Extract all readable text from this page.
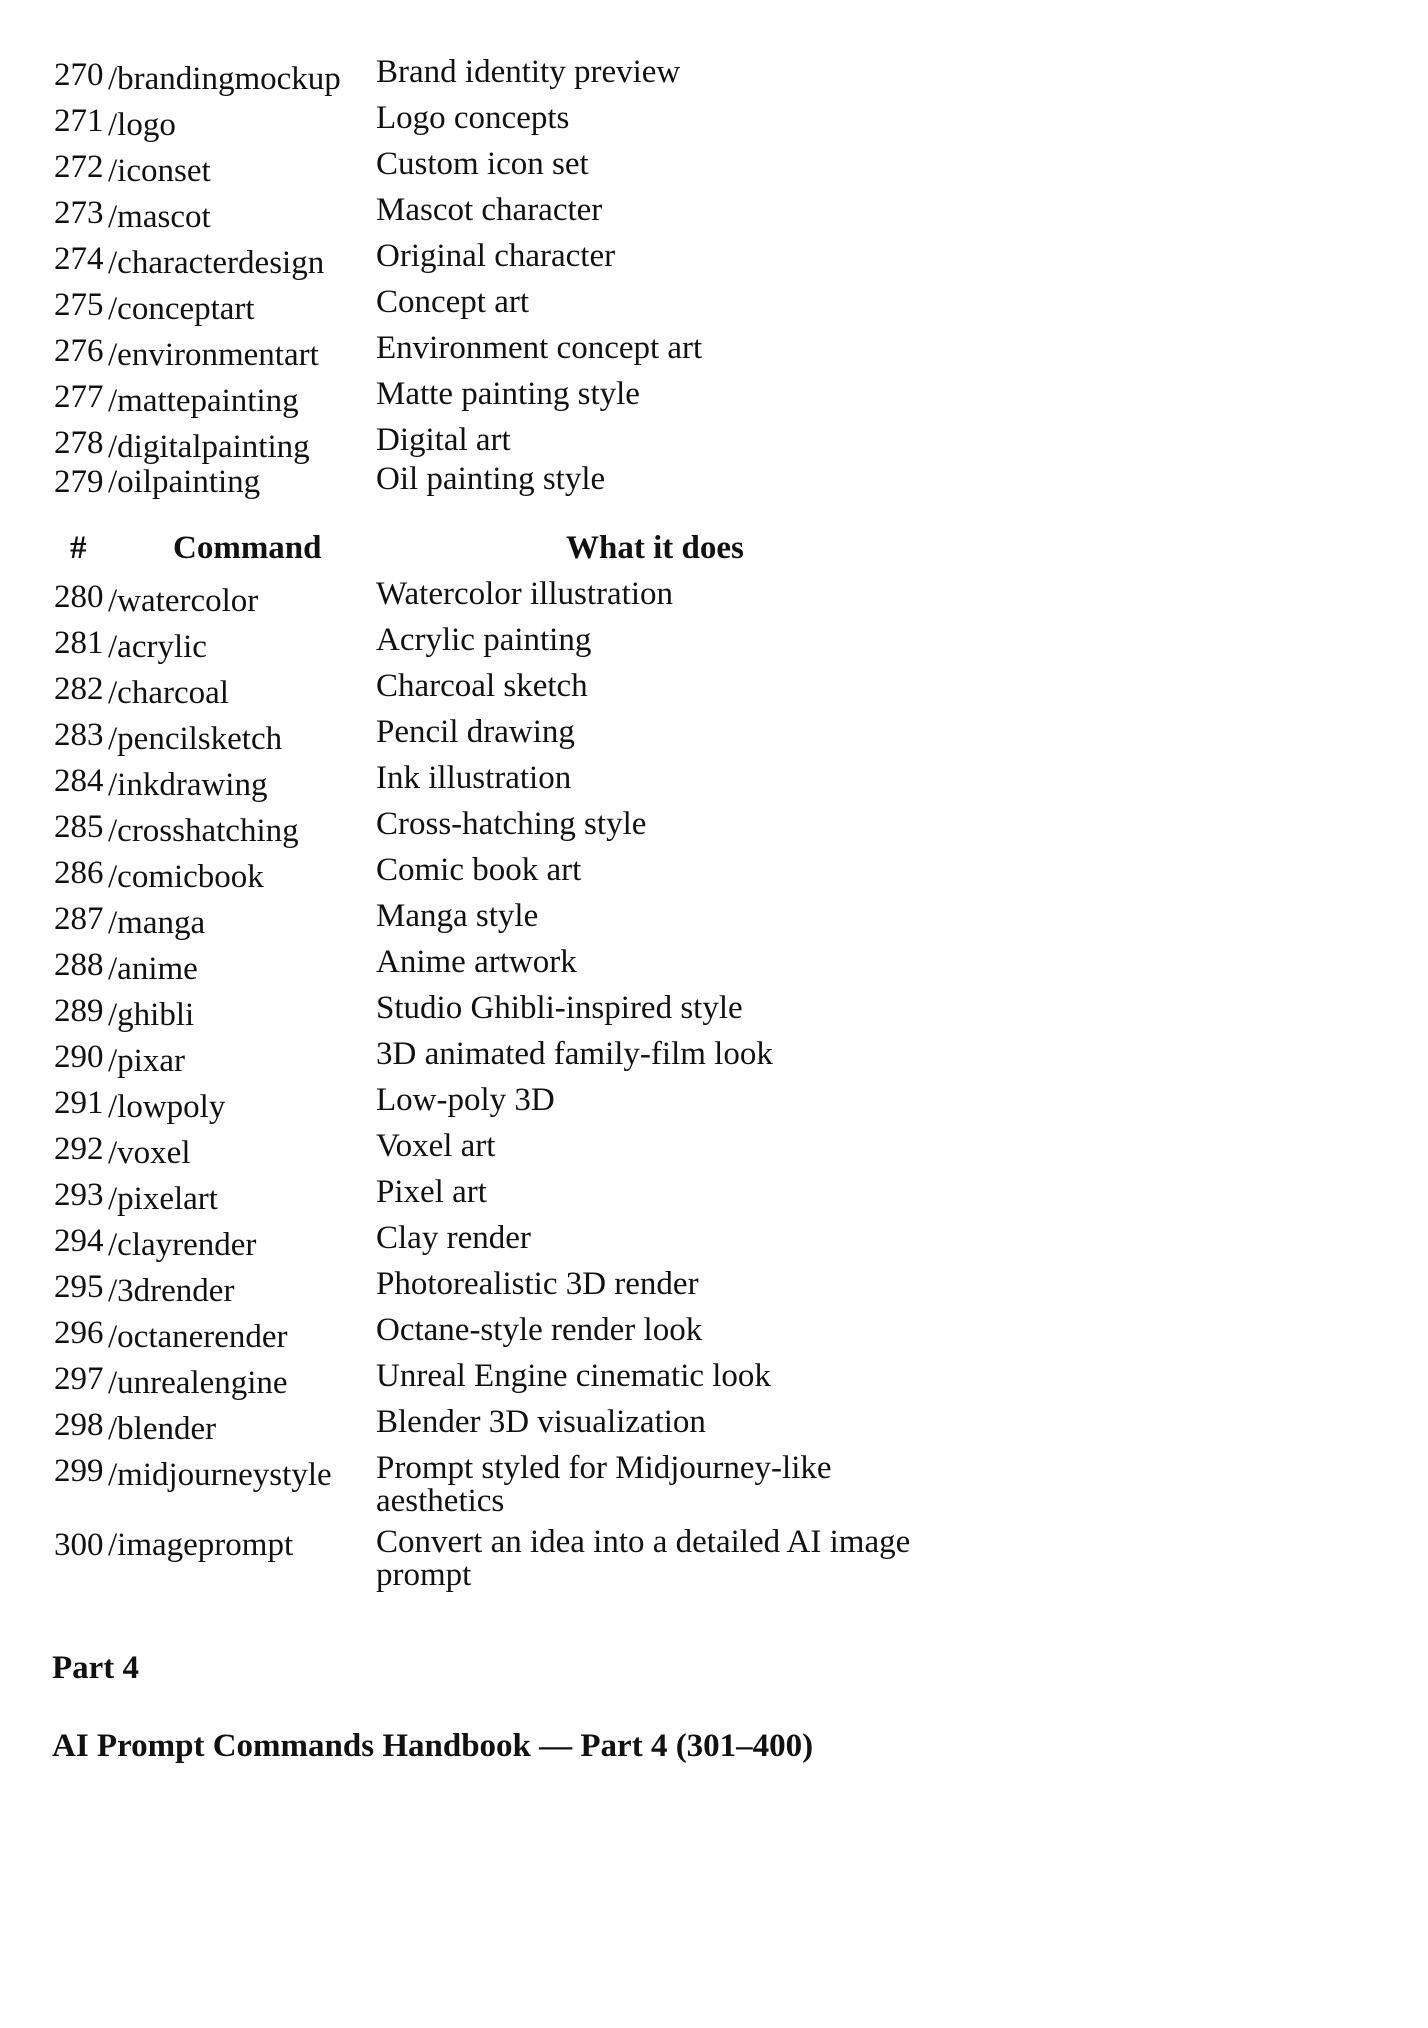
270 /brandingmockup Brand identity preview
271 /logo	Logo concepts
272 /iconset	Custom icon set
273 /mascot	Mascot character
274 /characterdesign Original character
275 /conceptart	Concept art
276 /environmentart Environment concept art
277 /mattepainting Matte painting style
278 /digitalpainting Digital art
279 /oilpainting	Oil painting style
#	Command	What it does
280 /watercolor	Watercolor illustration
281 /acrylic	Acrylic painting
282 /charcoal	Charcoal sketch
283 /pencilsketch	Pencil drawing
284 /inkdrawing	Ink illustration
285 /crosshatching Cross-hatching style
286 /comicbook	Comic book art
287 /manga	Manga style
288 /anime	Anime artwork
289 /ghibli	Studio Ghibli-inspired style
290 /pixar	3D animated family-film look
291 /lowpoly	Low-poly 3D
292 /voxel	Voxel art
293 /pixelart	Pixel art
294 /clayrender	Clay render
295 /3drender	Photorealistic 3D render
296 /octanerender	Octane-style render look
297 /unrealengine	Unreal Engine cinematic look
298 /blender	Blender 3D visualization
299 /midjourneystyle Prompt styled for Midjourney-like aesthetics
300 /imageprompt	Convert an idea into a detailed AI image prompt
Part 4
AI Prompt Commands Handbook — Part 4 (301–400)
